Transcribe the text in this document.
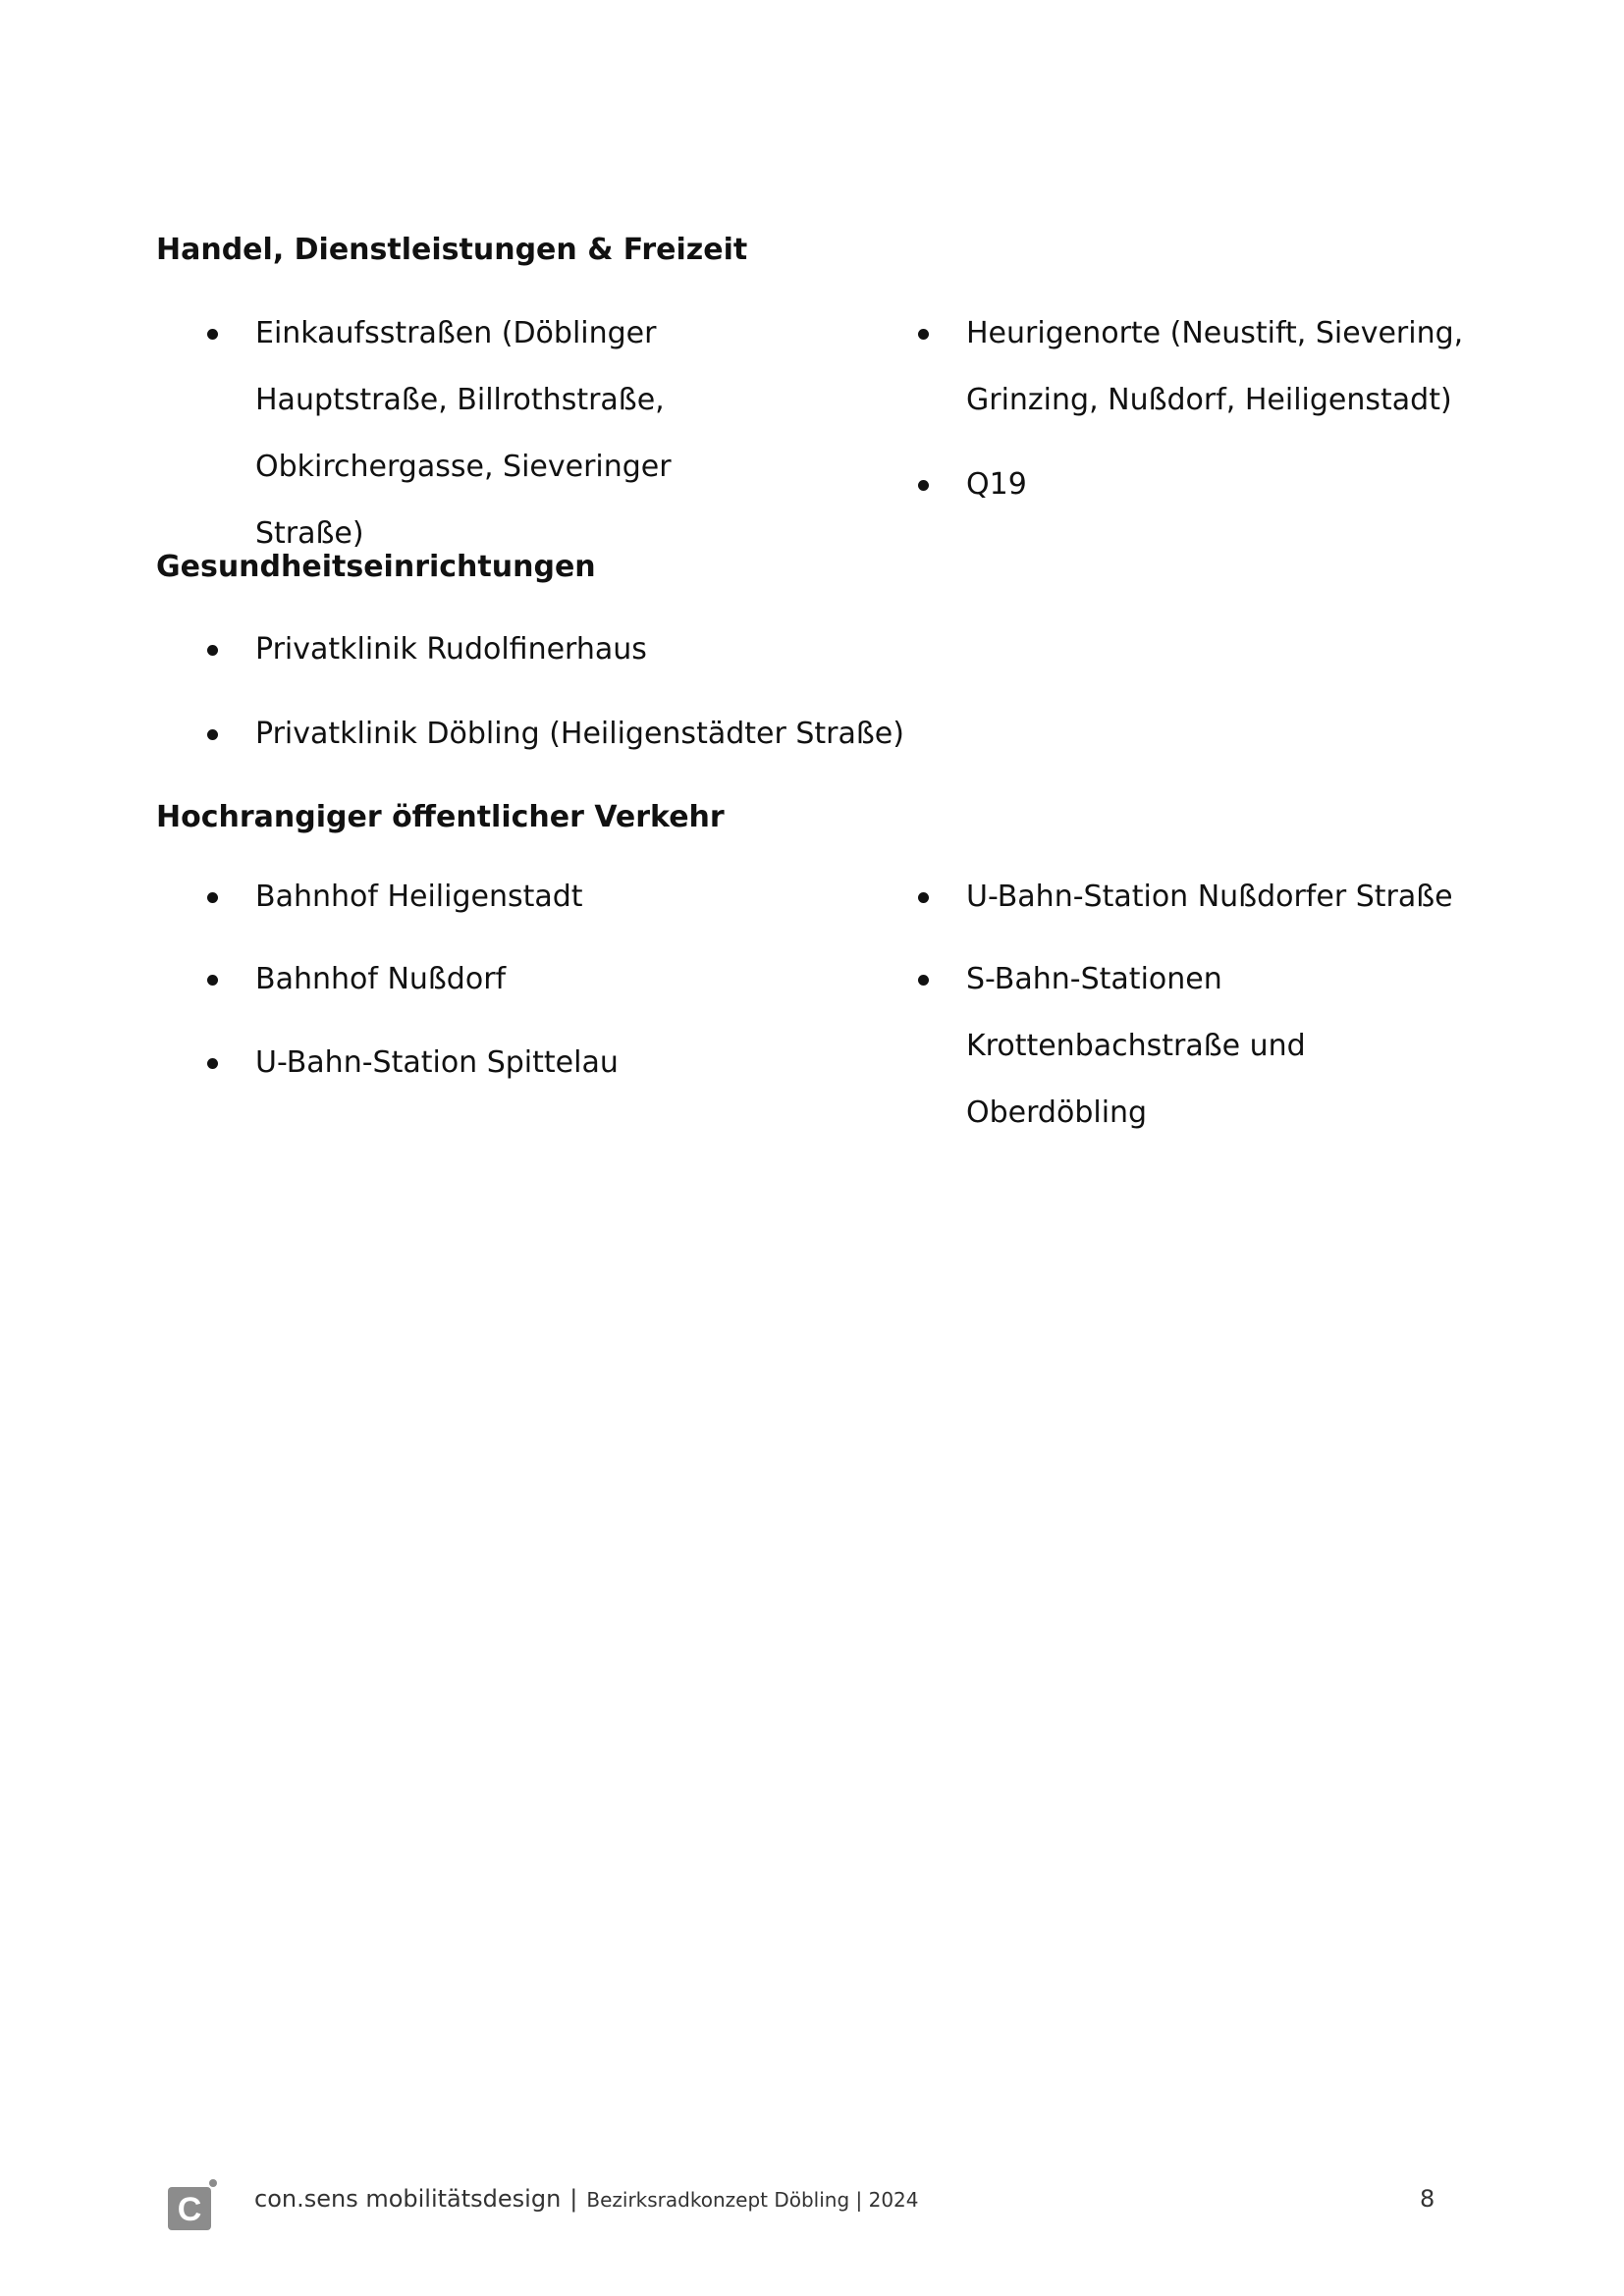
Handel, Dienstleistungen & Freizeit
Einkaufsstraßen (Döblinger Hauptstraße, Billrothstraße, Obkirchergasse, Sieveringer Straße)
Heurigenorte (Neustift, Sievering, Grinzing, Nußdorf, Heiligenstadt)
Q19
Gesundheitseinrichtungen
Privatklinik Rudolfinerhaus
Privatklinik Döbling (Heiligenstädter Straße)
Hochrangiger öffentlicher Verkehr
Bahnhof Heiligenstadt
Bahnhof Nußdorf
U-Bahn-Station Spittelau
U-Bahn-Station Nußdorfer Straße
S-Bahn-Stationen Krottenbachstraße und Oberdöbling
C con.sens mobilitätsdesign | Bezirksradkonzept Döbling | 2024	8
